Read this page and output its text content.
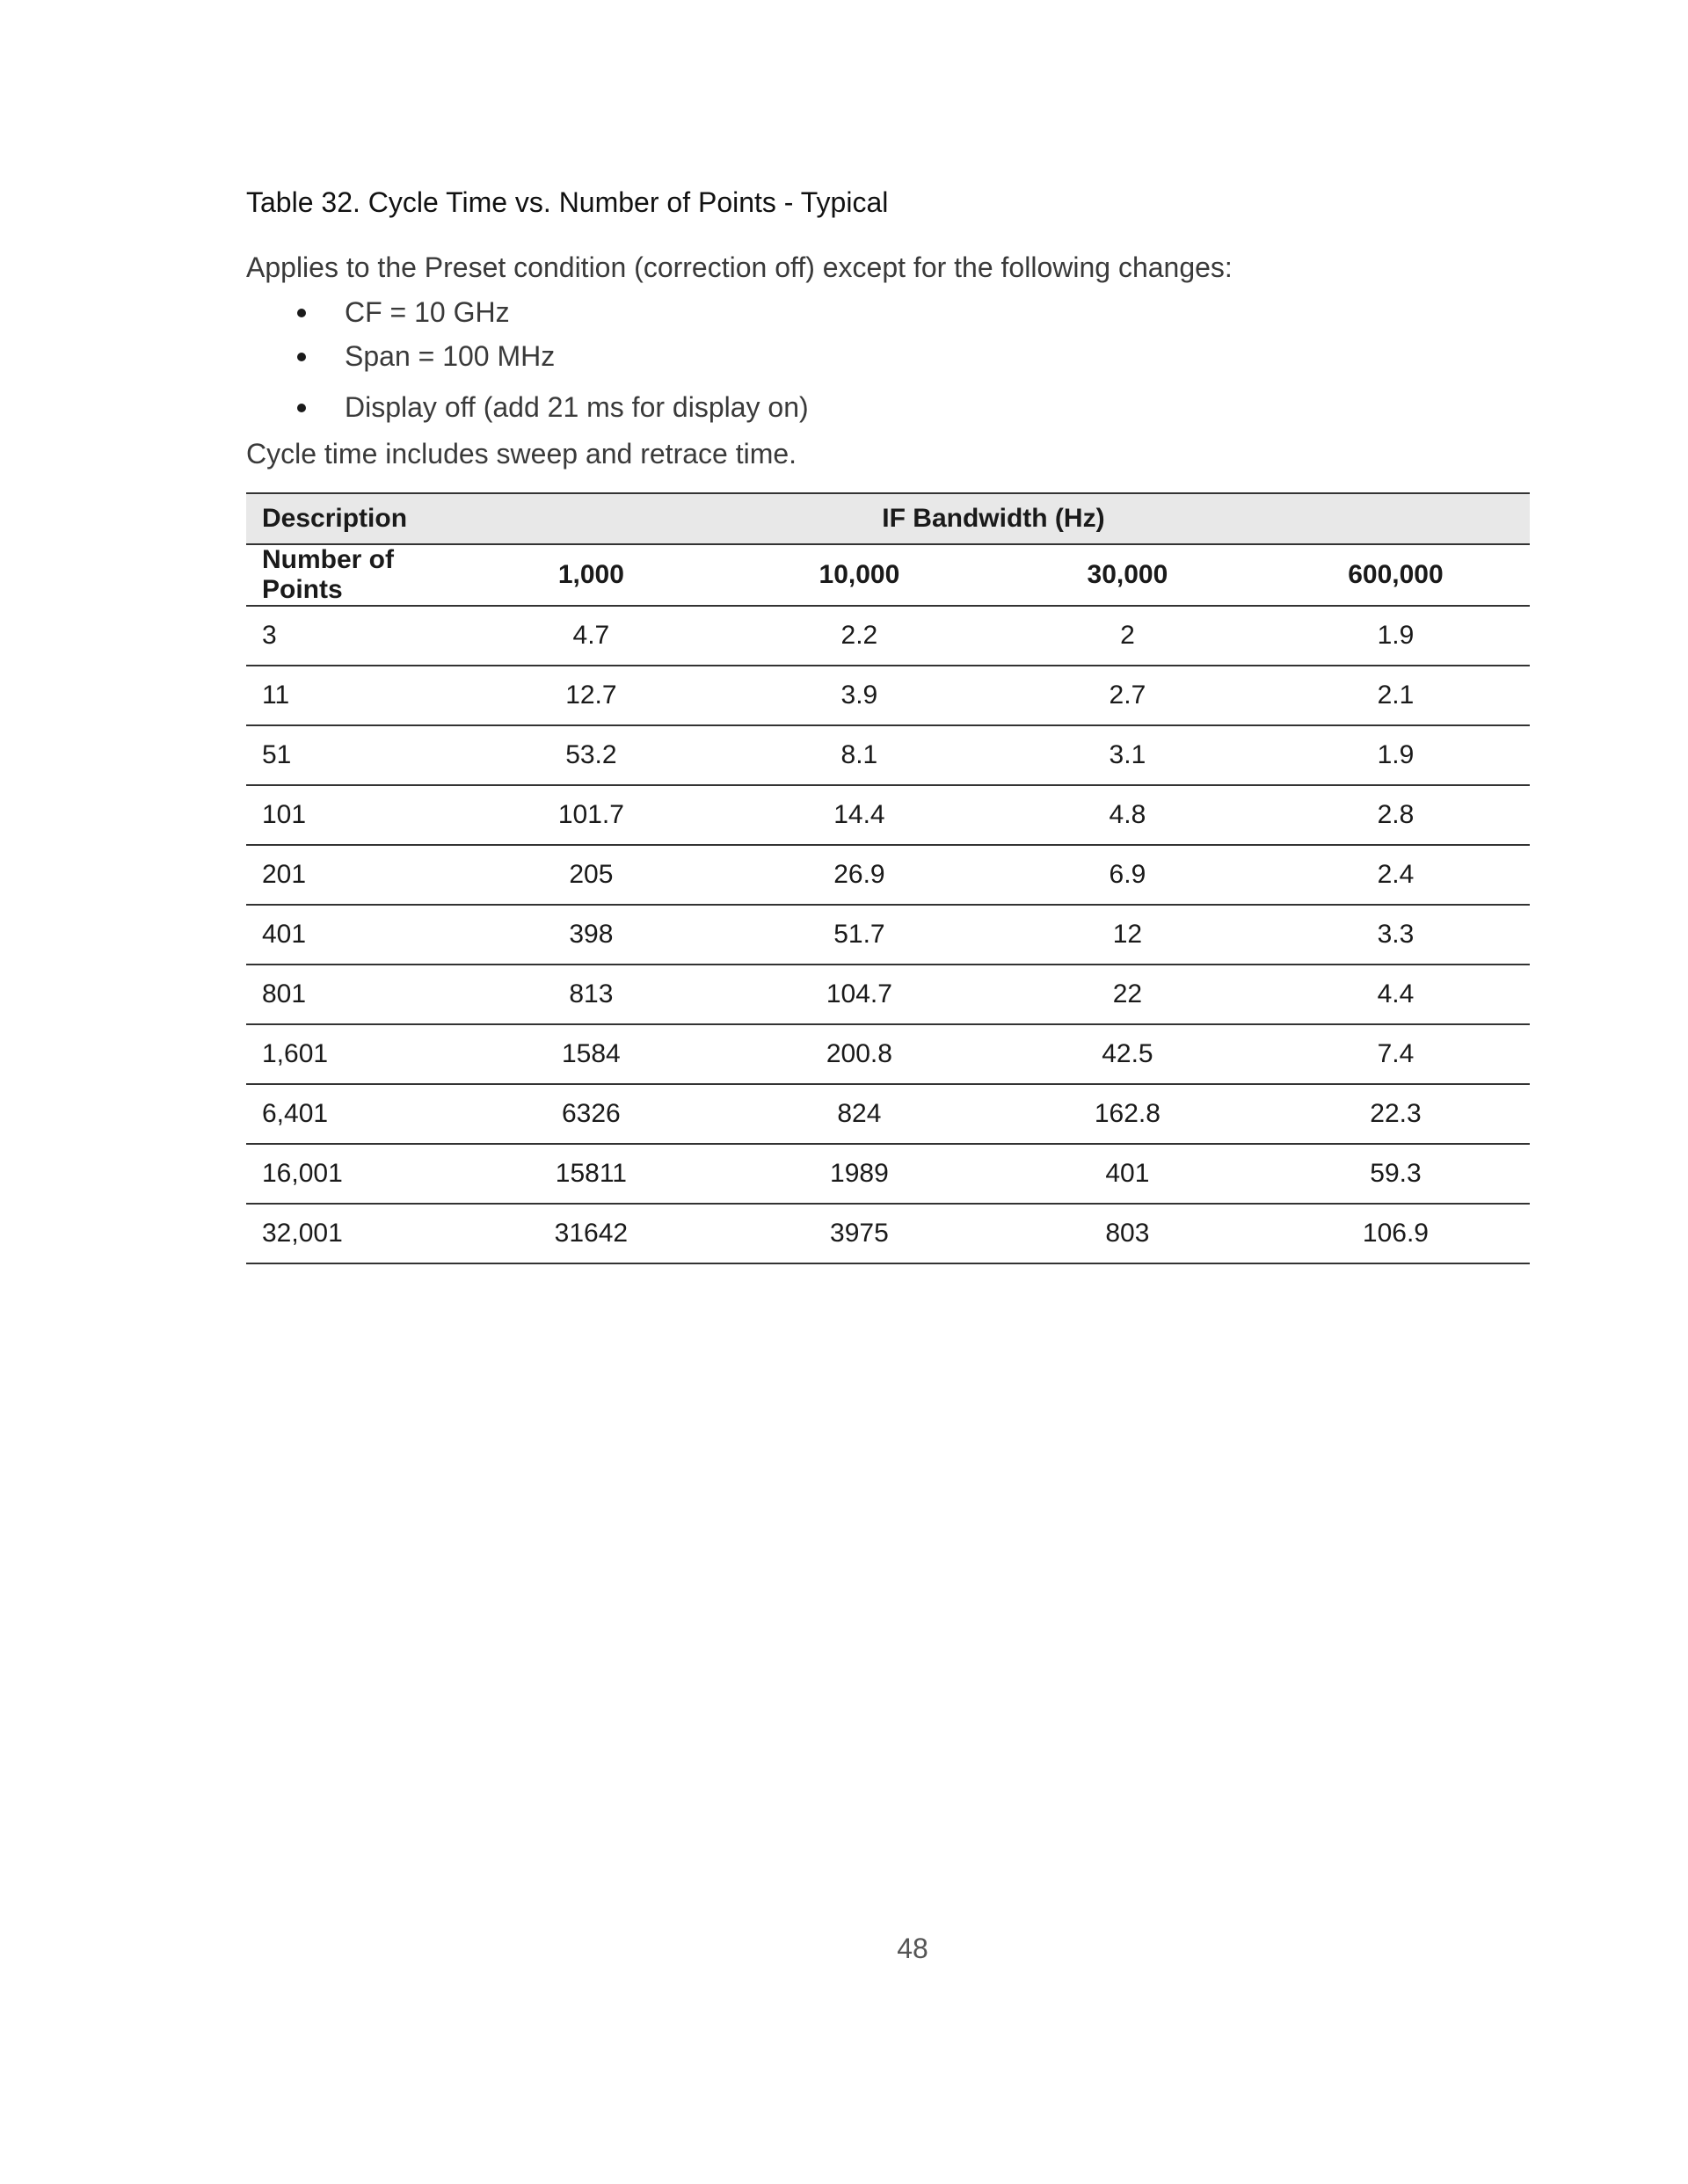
Table 32. Cycle Time vs. Number of Points - Typical

Applies to the Preset condition (correction off) except for the following changes:

CF = 10 GHz
Span = 100 MHz
Display off (add 21 ms for display on)

Cycle time includes sweep and retrace time.

Description	IF Bandwidth (Hz)			
Number of Points	1,000	10,000	30,000	600,000
3	4.7	2.2	2	1.9
11	12.7	3.9	2.7	2.1
51	53.2	8.1	3.1	1.9
101	101.7	14.4	4.8	2.8
201	205	26.9	6.9	2.4
401	398	51.7	12	3.3
801	813	104.7	22	4.4
1,601	1584	200.8	42.5	7.4
6,401	6326	824	162.8	22.3
16,001	15811	1989	401	59.3
32,001	31642	3975	803	106.9
48
